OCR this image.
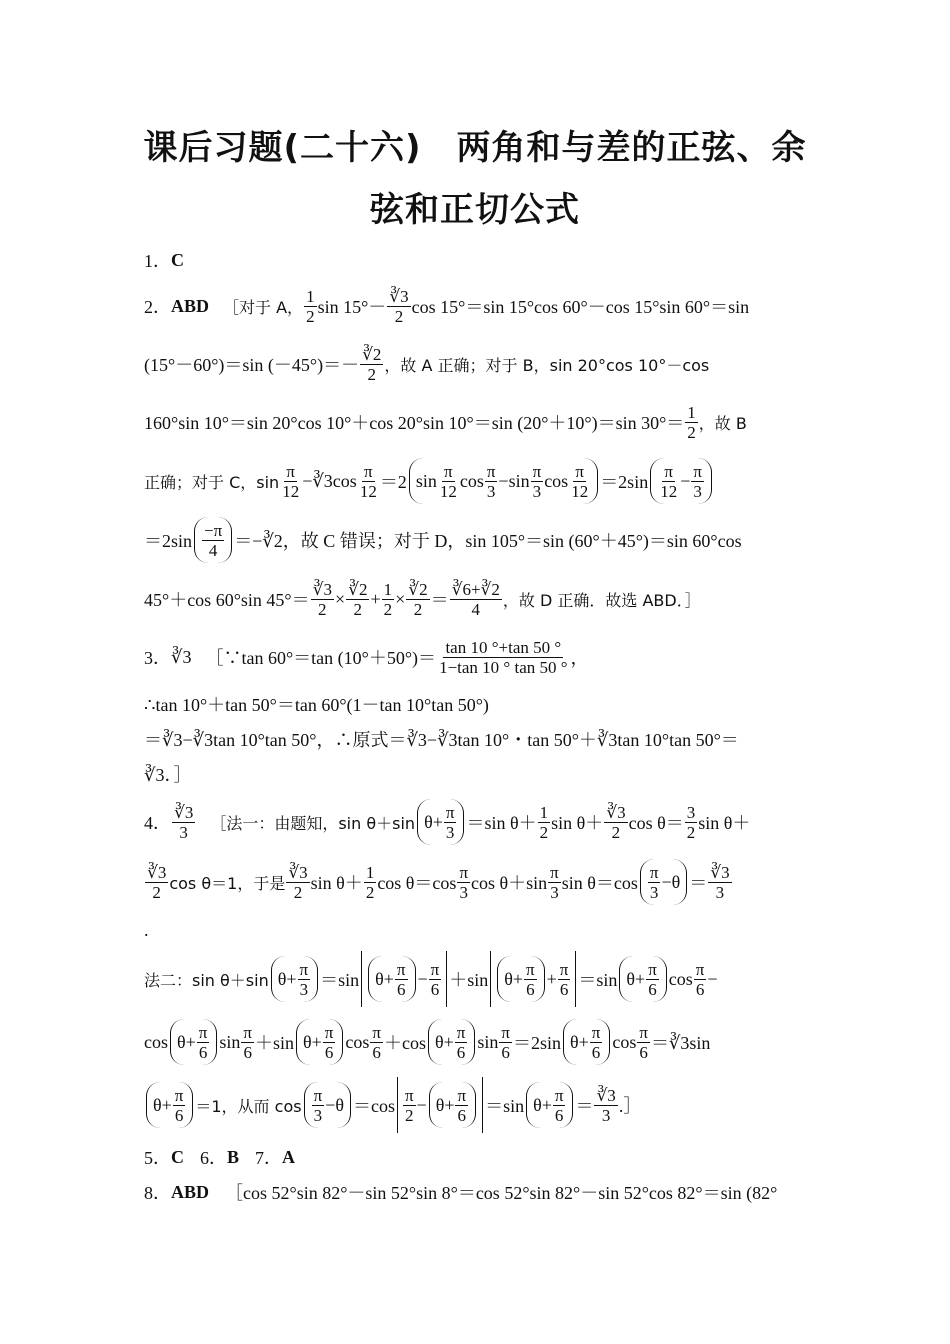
课后习题(二十六)　两角和与差的正弦、余
弦和正切公式
1． C
2． ABD ［对于 A， $\frac{1}{2}$ $\sin 15^\circ- \frac{∛3}{2}$ cos 15°＝sin 15°cos 60°－cos 15°sin 60°＝sin
(15°－60°)＝sin $(-45^\circ)=- \frac{∛2}{2}$ ，故 A 正确；对于 B，sin 20°cos 10°－cos
160°sin 10°＝sin 20°cos 10°＋cos 20°sin 10°＝sin (20°＋10°)＝sin $30^\circ= \frac{1}{2}$ ，故 B
正确；对于 C，$\sin \frac{\pi}{12}$ −∛3cos $\frac{\pi}{12} =2$ $\sin \frac{\pi}{12}$ $\cos \frac{\pi}{3} -\sin \frac{\pi}{3}$ $\cos \frac{\pi}{12} =2\sin \frac{\pi}{12} - \frac{\pi}{3}$
$=2\sin \frac{-\pi}{4}$ ＝−∛2，故 C 错误；对于 D，sin 105°＝sin (60°＋45°)＝sin 60°cos
45°＋cos 60°sin $45^\circ= \frac{∛3}{2} \times \frac{∛2}{2} + \frac{1}{2} \times \frac{∛2}{2} = \frac{∛6+∛2}{4}$ ，故 D 正确．故选 ABD．］
3． ∛3 ［∵tan 60°＝tan $(10^\circ+50^\circ)= \frac{\tan 10 ^\circ+\tan 50 ^\circ}{1-\tan 10 ^\circ \tan 50 ^\circ}$ ，
∴tan 10°＋tan 50°＝tan 60°(1－tan 10°tan 50°)
＝∛3−∛3tan 10°tan 50°，∴原式＝∛3−∛3tan 10°・tan 50°＋∛3tan 10°tan 50°＝
∛3．］
4． $\frac{∛3}{3}$ ［法一：由题知，sin θ＋sin $\theta+ \frac{\pi}{3} =\sin$ $\theta+ \frac{1}{2}$ $\sin \theta+ \frac{∛3}{2}$ $\cos \theta= \frac{3}{2}$ sin θ＋
$\frac{∛3}{2}$ cos θ＝1，于是 $\frac{∛3}{2}$ $\sin \theta+ \frac{1}{2}$ $\cos \theta=\cos \frac{\pi}{3}$ $\cos \theta+\sin \frac{\pi}{3}$ $\sin \theta=\cos \frac{\pi}{3} -\theta = \frac{∛3}{3}$
.
法二：sin θ＋sin $\theta+ \frac{\pi}{3} =\sin$ $\theta+ \frac{\pi}{6} - \frac{\pi}{6} +\sin$ $\theta+ \frac{\pi}{6} + \frac{\pi}{6} =\sin$ $\theta+ \frac{\pi}{6}$ $\cos \frac{\pi}{6}$ −
$\cos \theta+ \frac{\pi}{6}$ $\sin \frac{\pi}{6} +\sin$ $\theta+ \frac{\pi}{6}$ $\cos \frac{\pi}{6} +\cos$ $\theta+ \frac{\pi}{6}$ $\sin \frac{\pi}{6} =2\sin$ $\theta+ \frac{\pi}{6}$ $\cos \frac{\pi}{6}$ ＝∛3sin
$\theta+ \frac{\pi}{6} =1$，从而 $\cos \frac{\pi}{3} -\theta =\cos \frac{\pi}{2} - \theta+ \frac{\pi}{6} =\sin$ $\theta+ \frac{\pi}{6} = \frac{∛3}{3}$ .］
5． C 6． B 7． A
8． ABD ［cos 52°sin 82°－sin 52°sin 8°＝cos 52°sin 82°－sin 52°cos 82°＝sin (82°
